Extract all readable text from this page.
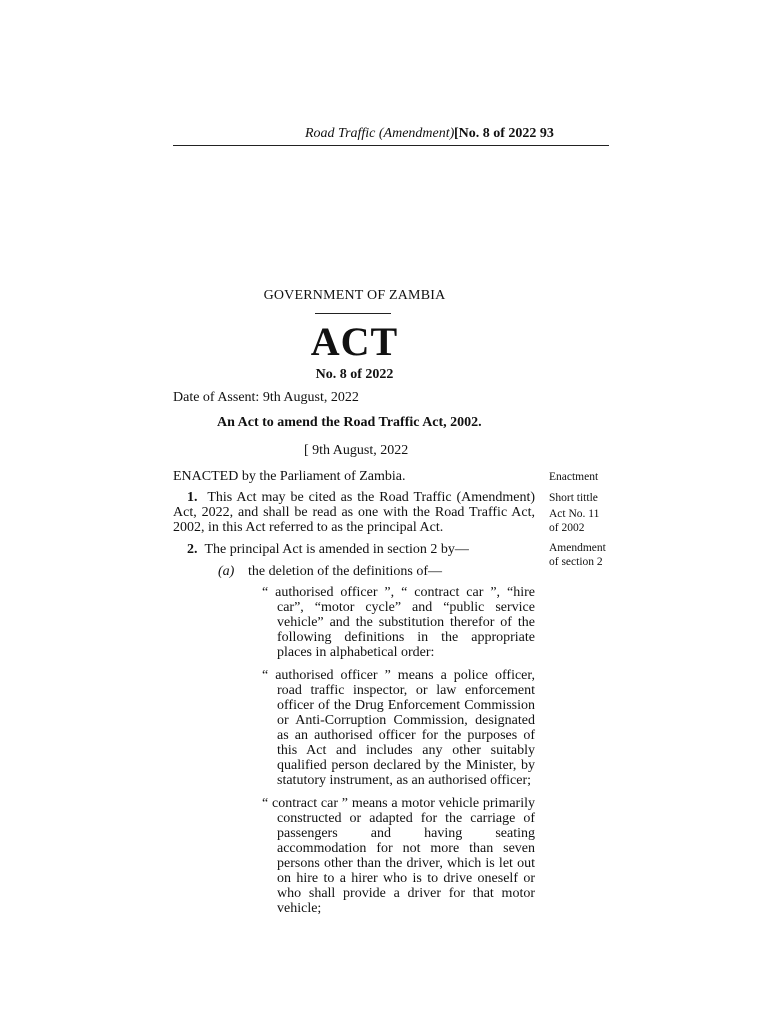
Road Traffic (Amendment) [No. 8 of 2022 93
GOVERNMENT OF ZAMBIA
ACT
No. 8 of 2022
Date of Assent: 9th August, 2022
An Act to amend the Road Traffic Act, 2002.
[ 9th August, 2022
ENACTED by the Parliament of Zambia.
1. This Act may be cited as the Road Traffic (Amendment) Act, 2022, and shall be read as one with the Road Traffic Act, 2002, in this Act referred to as the principal Act.
2. The principal Act is amended in section 2 by—
(a) the deletion of the definitions of—

“ authorised officer ”, “ contract car ”, “hire car”, “motor cycle” and “public service vehicle” and the substitution therefor of the following definitions in the appropriate places in alphabetical order:

“ authorised officer ” means a police officer, road traffic inspector, or law enforcement officer of the Drug Enforcement Commission or Anti-Corruption Commission, designated as an authorised officer for the purposes of this Act and includes any other suitably qualified person declared by the Minister, by statutory instrument, as an authorised officer;

“ contract car ” means a motor vehicle primarily constructed or adapted for the carriage of passengers and having seating accommodation for not more than seven persons other than the driver, which is let out on hire to a hirer who is to drive oneself or who shall provide a driver for that motor vehicle;

Enactment
Short tittle
Act No. 11
of 2002
Amendment
of section 2
